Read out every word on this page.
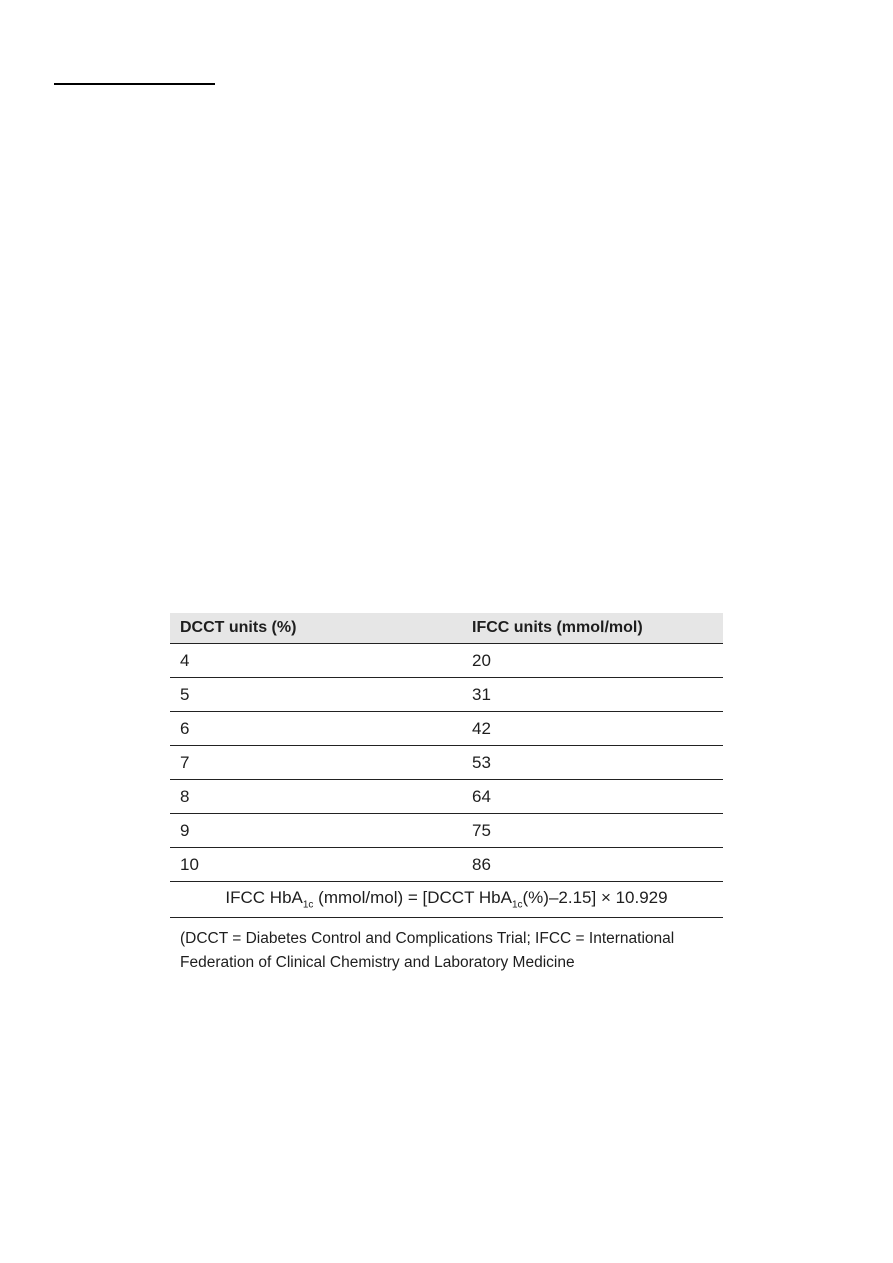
DCCT units (%)	IFCC units (mmol/mol)
4	20
5	31
6	42
7	53
8	64
9	75
10	86
IFCC HbA$_{1c}$ (mmol/mol) = [DCCT HbA$_{1c}$(%)–2.15] × 10.929	
(DCCT = Diabetes Control and Complications Trial; IFCC = International Federation of Clinical Chemistry and Laboratory Medicine
